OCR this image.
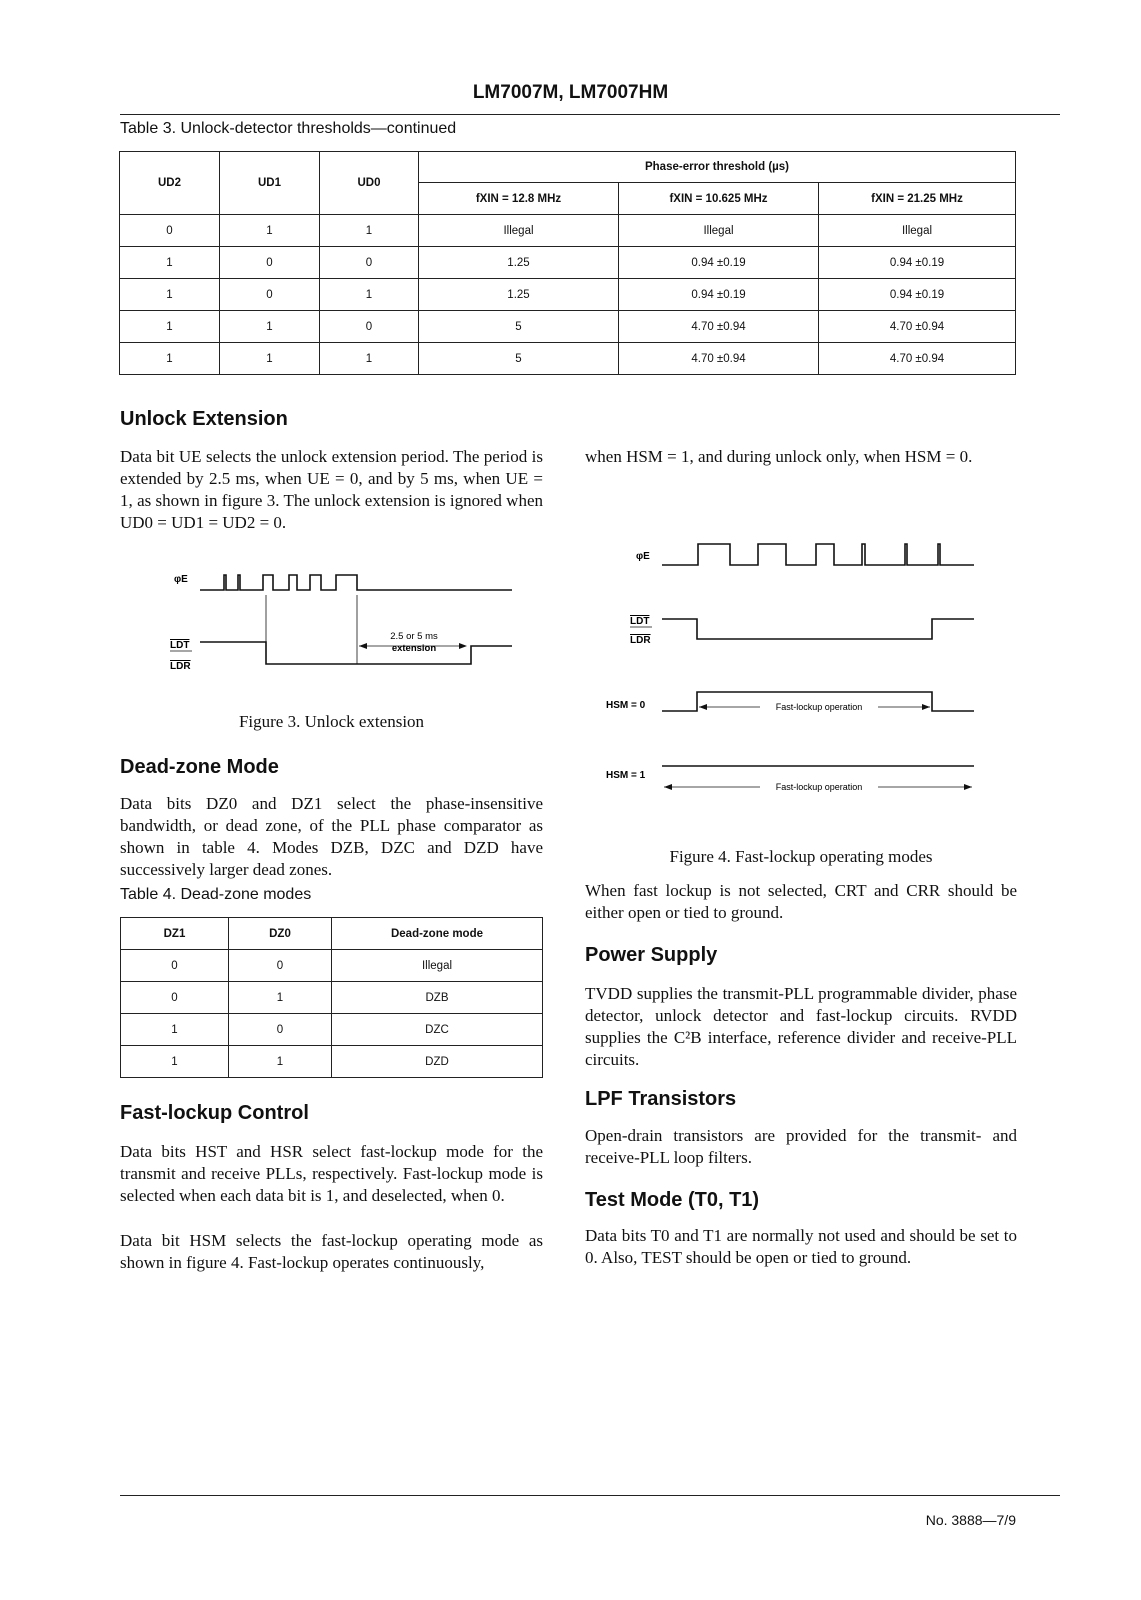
LM7007M, LM7007HM
Table 3. Unlock-detector thresholds—continued
UD2	UD1	UD0	Phase-error threshold (µs)		
			fXIN = 12.8 MHz	fXIN = 10.625 MHz	fXIN = 21.25 MHz
0	1	1	Illegal	Illegal	Illegal
1	0	0	1.25	0.94 ±0.19	0.94 ±0.19
1	0	1	1.25	0.94 ±0.19	0.94 ±0.19
1	1	0	5	4.70 ±0.94	4.70 ±0.94
1	1	1	5	4.70 ±0.94	4.70 ±0.94
Unlock Extension

Data bit UE selects the unlock extension period. The period is extended by 2.5 ms, when UE = 0, and by 5 ms, when UE = 1, as shown in figure 3. The unlock extension is ignored when UD0 = UD1 = UD2 = 0.

φE
LDT
LDR
2.5 or 5 ms
extension
Figure 3. Unlock extension
Dead-zone Mode

Data bits DZ0 and DZ1 select the phase-insensitive bandwidth, or dead zone, of the PLL phase comparator as shown in table 4. Modes DZB, DZC and DZD have successively larger dead zones.

Table 4. Dead-zone modes
DZ1	DZ0	Dead-zone mode
0	0	Illegal
0	1	DZB
1	0	DZC
1	1	DZD
Fast-lockup Control

Data bits HST and HSR select fast-lockup mode for the transmit and receive PLLs, respectively. Fast-lockup mode is selected when each data bit is 1, and deselected, when 0.

Data bit HSM selects the fast-lockup operating mode as shown in figure 4. Fast-lockup operates continuously,

when HSM = 1, and during unlock only, when HSM = 0.

φE
LDT
LDR
HSM = 0	Fast-lockup operation
HSM = 1
Fast-lockup operation
Figure 4. Fast-lockup operating modes

When fast lockup is not selected, CRT and CRR should be either open or tied to ground.

Power Supply

TVDD supplies the transmit-PLL programmable divider, phase detector, unlock detector and fast-lockup circuits. RVDD supplies the C²B interface, reference divider and receive-PLL circuits.

LPF Transistors

Open-drain transistors are provided for the transmit- and receive-PLL loop filters.

Test Mode (T0, T1)

Data bits T0 and T1 are normally not used and should be set to 0. Also, TEST should be open or tied to ground.

No. 3888—7/9
